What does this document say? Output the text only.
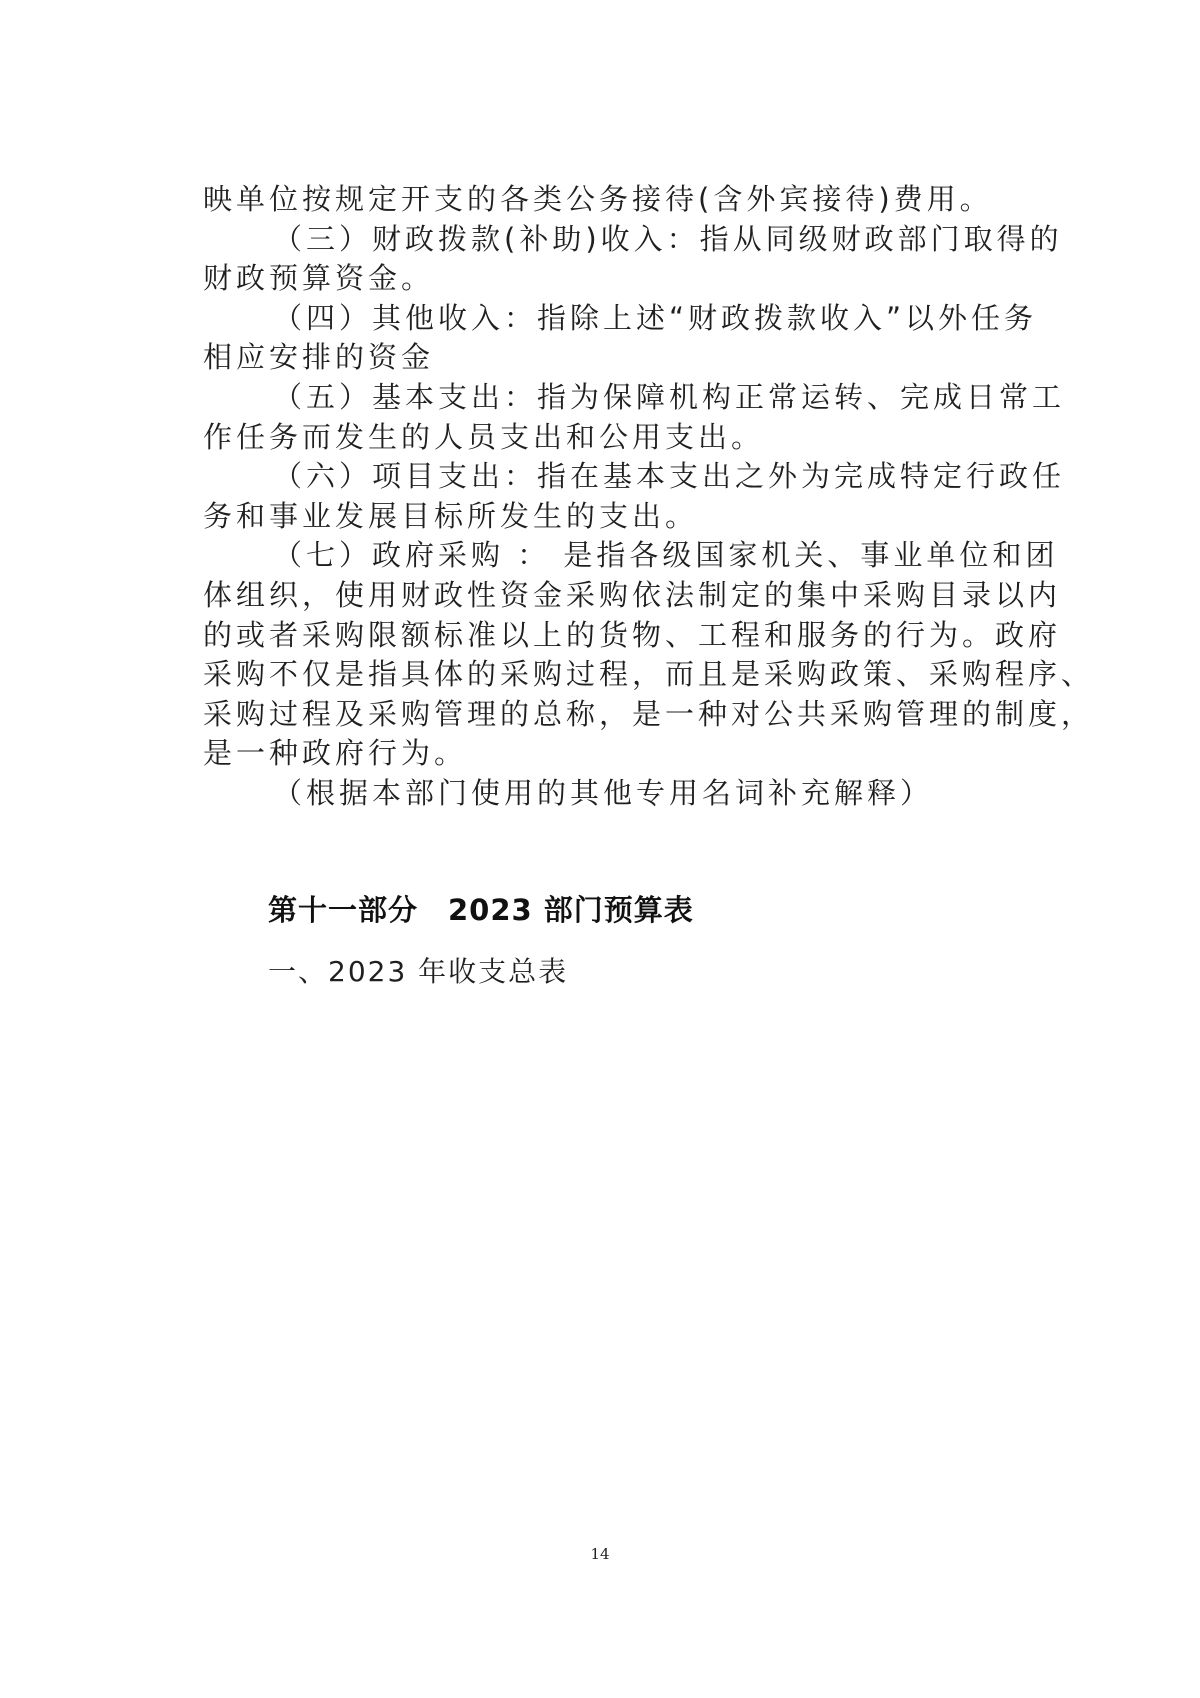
映单位按规定开支的各类公务接待(含外宾接待)费用。
（三）财政拨款(补助)收入：指从同级财政部门取得的
财政预算资金。
（四）其他收入：指除上述“财政拨款收入”以外任务
相应安排的资金
（五）基本支出：指为保障机构正常运转、完成日常工
作任务而发生的人员支出和公用支出。
（六）项目支出：指在基本支出之外为完成特定行政任
务和事业发展目标所发生的支出。
（七）政府采购 ： 是指各级国家机关、事业单位和团
体组织，使用财政性资金采购依法制定的集中采购目录以内
的或者采购限额标准以上的货物、工程和服务的行为。政府
采购不仅是指具体的采购过程，而且是采购政策、采购程序、
采购过程及采购管理的总称，是一种对公共采购管理的制度，
是一种政府行为。
（根据本部门使用的其他专用名词补充解释）
第十一部分　2023 部门预算表
一、2023 年收支总表
14
